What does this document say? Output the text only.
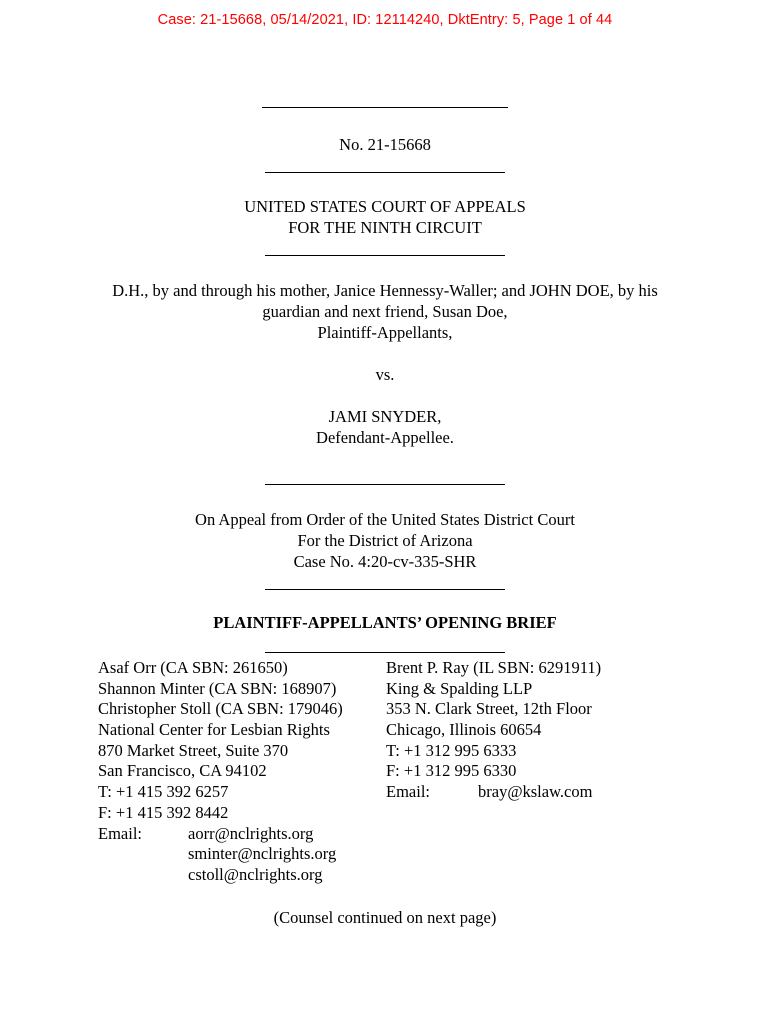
Case: 21-15668, 05/14/2021, ID: 12114240, DktEntry: 5, Page 1 of 44
No. 21-15668
UNITED STATES COURT OF APPEALS
FOR THE NINTH CIRCUIT
D.H., by and through his mother, Janice Hennessy-Waller; and JOHN DOE, by his
guardian and next friend, Susan Doe,
Plaintiff-Appellants,
vs.
JAMI SNYDER,
Defendant-Appellee.
On Appeal from Order of the United States District Court
For the District of Arizona
Case No. 4:20-cv-335-SHR
PLAINTIFF-APPELLANTS’ OPENING BRIEF
Asaf Orr (CA SBN: 261650)
Shannon Minter (CA SBN: 168907)
Christopher Stoll (CA SBN: 179046)
National Center for Lesbian Rights
870 Market Street, Suite 370
San Francisco, CA 94102
T: +1 415 392 6257
F: +1 415 392 8442
Email:	aorr@nclrights.org
sminter@nclrights.org
cstoll@nclrights.org
Brent P. Ray (IL SBN: 6291911)
King & Spalding LLP
353 N. Clark Street, 12th Floor
Chicago, Illinois 60654
T: +1 312 995 6333
F: +1 312 995 6330
Email:	bray@kslaw.com
(Counsel continued on next page)
